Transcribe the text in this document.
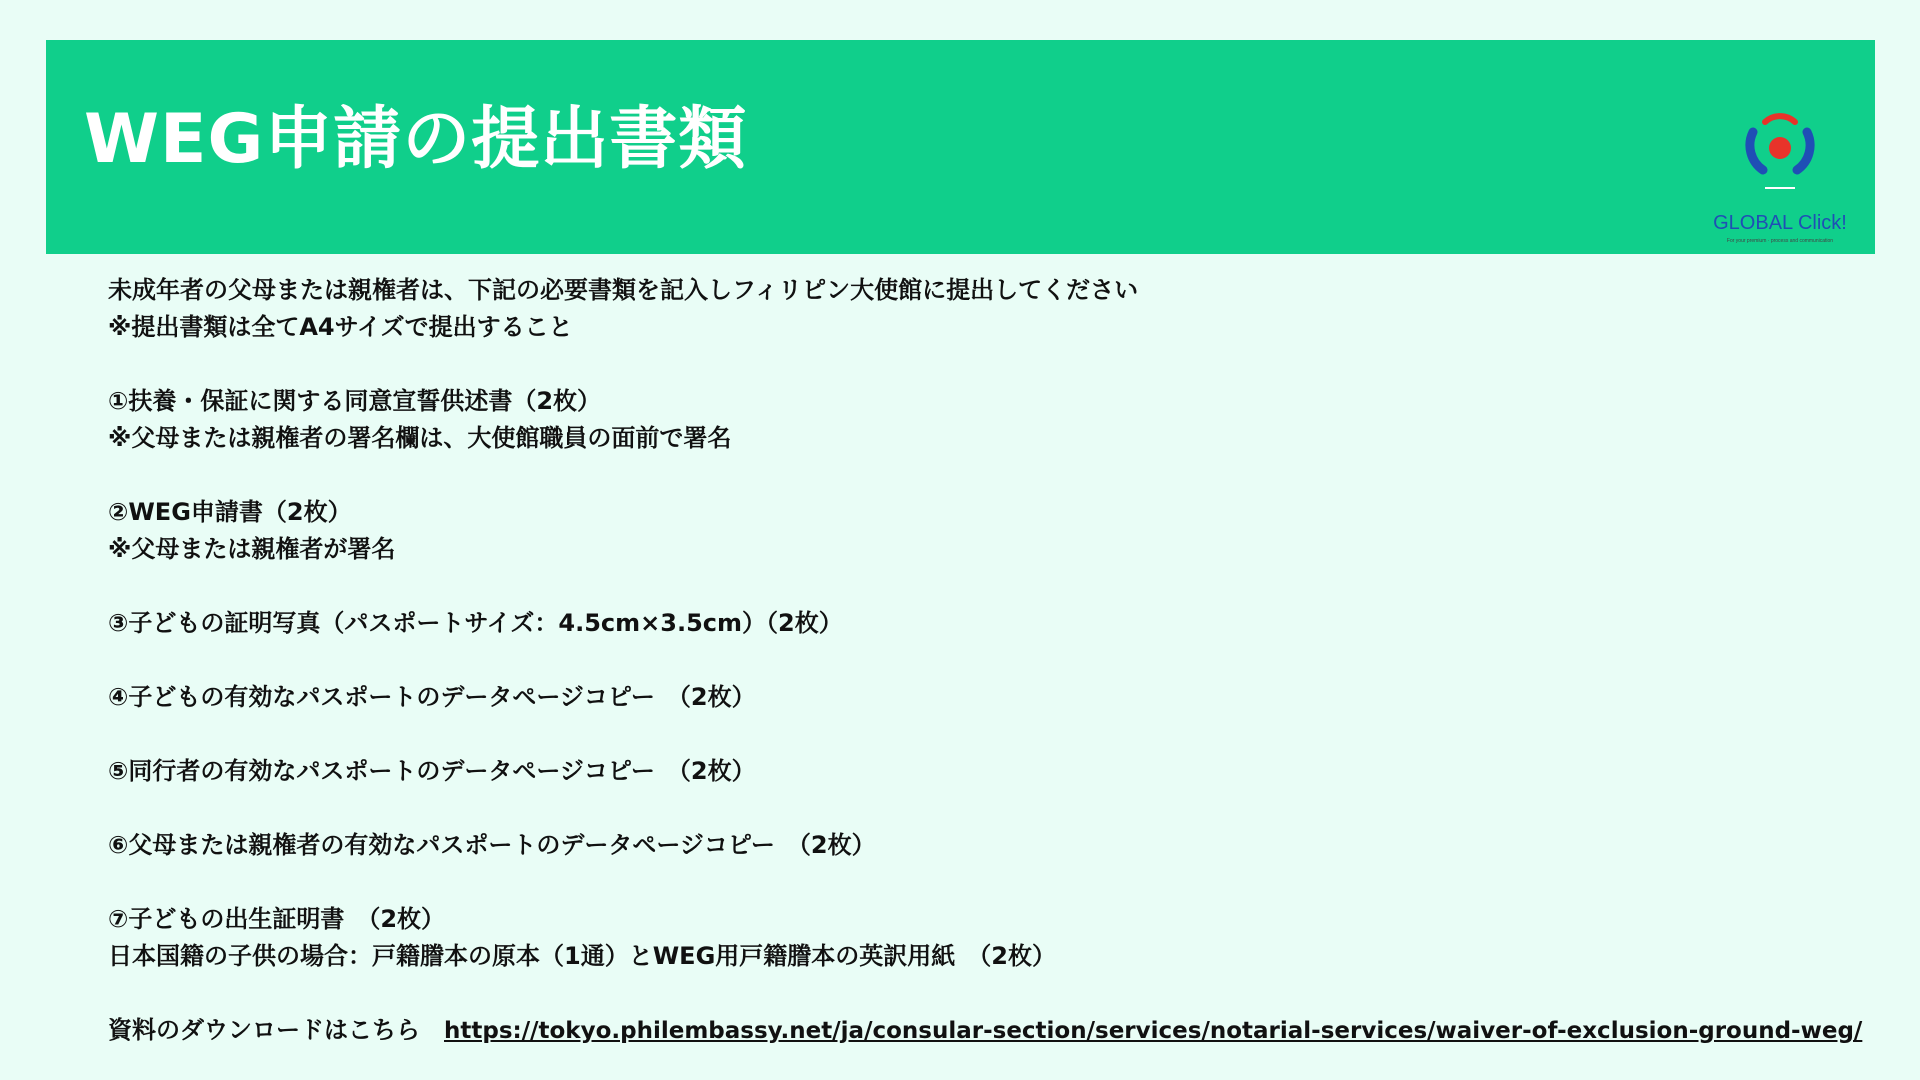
WEG申請の提出書類
GLOBAL Click!
For your premium · process and communication
未成年者の父母または親権者は、下記の必要書類を記入しフィリピン大使館に提出してください
※提出書類は全てA4サイズで提出すること
①扶養・保証に関する同意宣誓供述書（2枚）
※父母または親権者の署名欄は、大使館職員の面前で署名
②WEG申請書（2枚）
※父母または親権者が署名
③子どもの証明写真（パスポートサイズ：4.5cm×3.5cm）（2枚）
④子どもの有効なパスポートのデータページコピー　（2枚）
⑤同行者の有効なパスポートのデータページコピー　（2枚）
⑥父母または親権者の有効なパスポートのデータページコピー　（2枚）
⑦子どもの出生証明書　（2枚）
日本国籍の子供の場合：戸籍謄本の原本（1通）とWEG用戸籍謄本の英訳用紙　（2枚）
資料のダウンロードはこちら https://tokyo.philembassy.net/ja/consular-section/services/notarial-services/waiver-of-exclusion-ground-weg/
